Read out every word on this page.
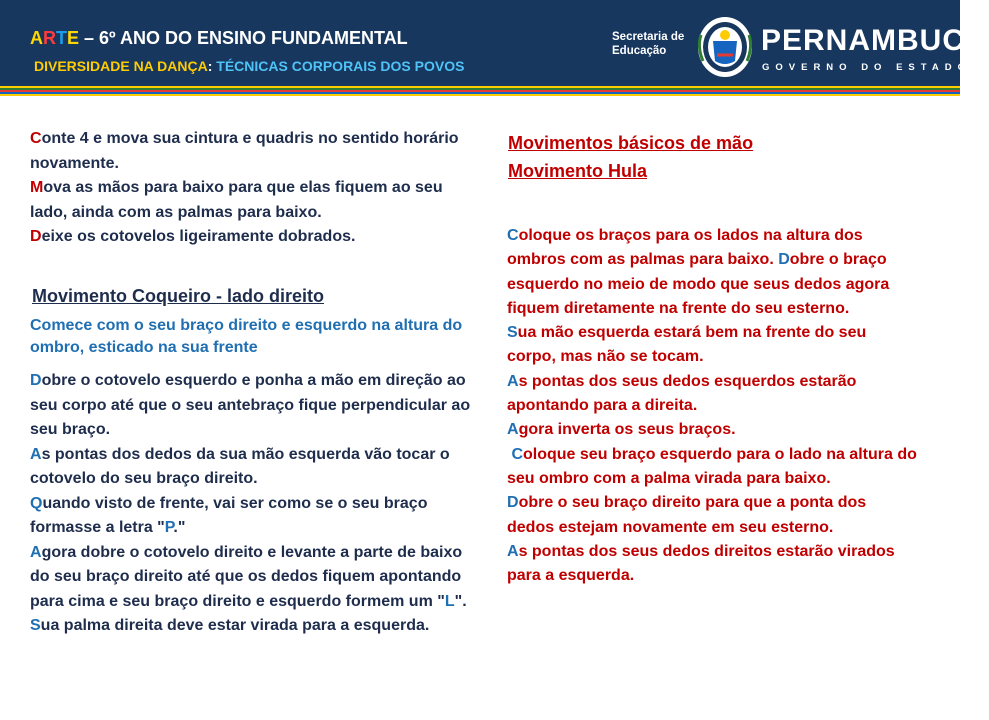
ARTE – 6º ANO DO ENSINO FUNDAMENTAL
DIVERSIDADE NA DANÇA: TÉCNICAS CORPORAIS DOS POVOS
Secretaria de
Educação	PERNAMBUCO
GOVERNO DO ESTADO

Conte 4 e mova sua cintura e quadris no sentido horário novamente.

Mova as mãos para baixo para que elas fiquem ao seu lado, ainda com as palmas para baixo.

Deixe os cotovelos ligeiramente dobrados.

Movimento Coqueiro - lado direito
Comece com o seu braço direito e esquerdo na altura do ombro, esticado na sua frente

Dobre o cotovelo esquerdo e ponha a mão em direção ao seu corpo até que o seu antebraço fique perpendicular ao seu braço.

As pontas dos dedos da sua mão esquerda vão tocar o cotovelo do seu braço direito.

Quando visto de frente, vai ser como se o seu braço formasse a letra "P."

Agora dobre o cotovelo direito e levante a parte de baixo do seu braço direito até que os dedos fiquem apontando para cima e seu braço direito e esquerdo formem um "L".

Sua palma direita deve estar virada para a esquerda.

Movimentos básicos de mão
Movimento Hula

Coloque os braços para os lados na altura dos ombros com as palmas para baixo. Dobre o braço esquerdo no meio de modo que seus dedos agora fiquem diretamente na frente do seu esterno.

Sua mão esquerda estará bem na frente do seu corpo, mas não se tocam.

As pontas dos seus dedos esquerdos estarão apontando para a direita.

Agora inverta os seus braços.

Coloque seu braço esquerdo para o lado na altura do seu ombro com a palma virada para baixo.

Dobre o seu braço direito para que a ponta dos dedos estejam novamente em seu esterno.

As pontas dos seus dedos direitos estarão virados para a esquerda.
